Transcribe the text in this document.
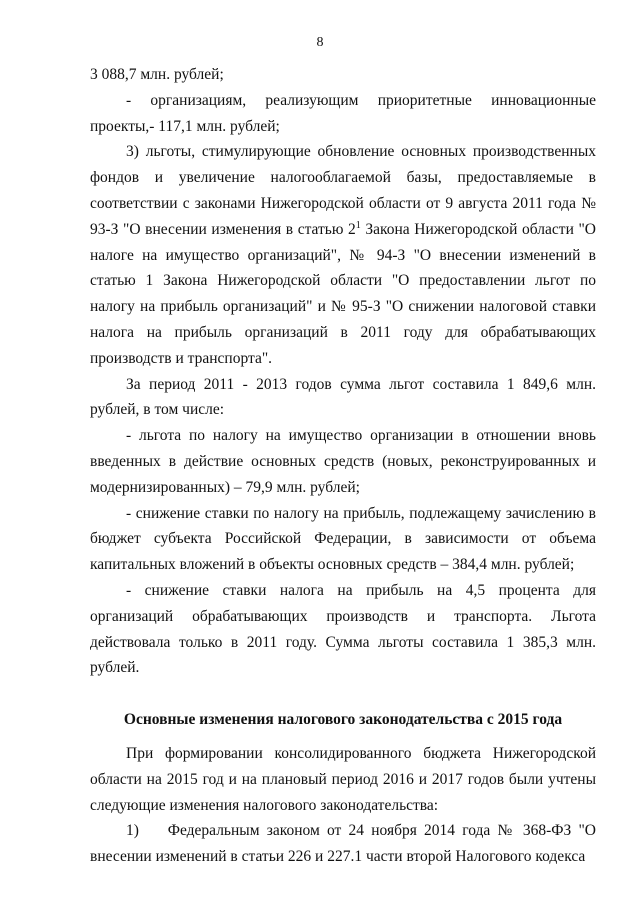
8

3 088,7 млн. рублей;

- организациям, реализующим приоритетные инновационные проекты,- 117,1 млн. рублей;

3) льготы, стимулирующие обновление основных производственных фондов и увеличение налогооблагаемой базы, предоставляемые в соответствии с законами Нижегородской области от 9 августа 2011 года № 93-З "О внесении изменения в статью $2^1$ Закона Нижегородской области "О налоге на имущество организаций", № 94-З "О внесении изменений в статью 1 Закона Нижегородской области "О предоставлении льгот по налогу на прибыль организаций" и № 95-З "О снижении налоговой ставки налога на прибыль организаций в 2011 году для обрабатывающих производств и транспорта".

За период 2011 - 2013 годов сумма льгот составила 1 849,6 млн. рублей, в том числе:

- льгота по налогу на имущество организации в отношении вновь введенных в действие основных средств (новых, реконструированных и модернизированных) – 79,9 млн. рублей;

- снижение ставки по налогу на прибыль, подлежащему зачислению в бюджет субъекта Российской Федерации, в зависимости от объема капитальных вложений в объекты основных средств – 384,4 млн. рублей;

- снижение ставки налога на прибыль на 4,5 процента для организаций обрабатывающих производств и транспорта. Льгота действовала только в 2011 году. Сумма льготы составила 1 385,3 млн. рублей.

Основные изменения налогового законодательства с 2015 года

При формировании консолидированного бюджета Нижегородской области на 2015 год и на плановый период 2016 и 2017 годов были учтены следующие изменения налогового законодательства:

1)    Федеральным законом от 24 ноября 2014 года № 368-ФЗ "О внесении изменений в статьи 226 и 227.1 части второй Налогового кодекса
